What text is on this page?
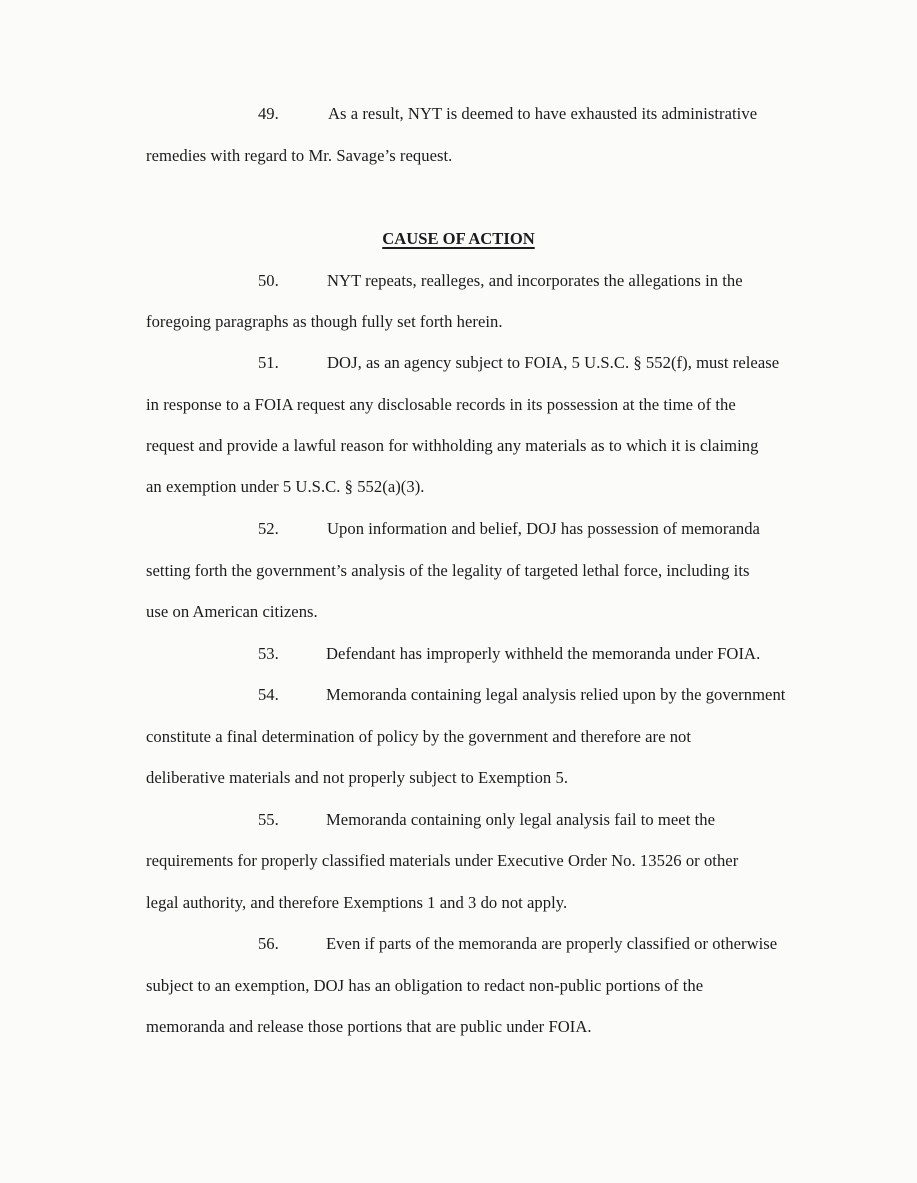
49.	As a result, NYT is deemed to have exhausted its administrative
remedies with regard to Mr. Savage’s request.
CAUSE OF ACTION
50.	NYT repeats, realleges, and incorporates the allegations in the
foregoing paragraphs as though fully set forth herein.
51.	DOJ, as an agency subject to FOIA, 5 U.S.C. § 552(f), must release
in response to a FOIA request any disclosable records in its possession at the time of the
request and provide a lawful reason for withholding any materials as to which it is claiming
an exemption under 5 U.S.C. § 552(a)(3).
52.	Upon information and belief, DOJ has possession of memoranda
setting forth the government’s analysis of the legality of targeted lethal force, including its
use on American citizens.
53.	Defendant has improperly withheld the memoranda under FOIA.
54.	Memoranda containing legal analysis relied upon by the government
constitute a final determination of policy by the government and therefore are not
deliberative materials and not properly subject to Exemption 5.
55.	Memoranda containing only legal analysis fail to meet the
requirements for properly classified materials under Executive Order No. 13526 or other
legal authority, and therefore Exemptions 1 and 3 do not apply.
56.	Even if parts of the memoranda are properly classified or otherwise
subject to an exemption, DOJ has an obligation to redact non-public portions of the
memoranda and release those portions that are public under FOIA.
